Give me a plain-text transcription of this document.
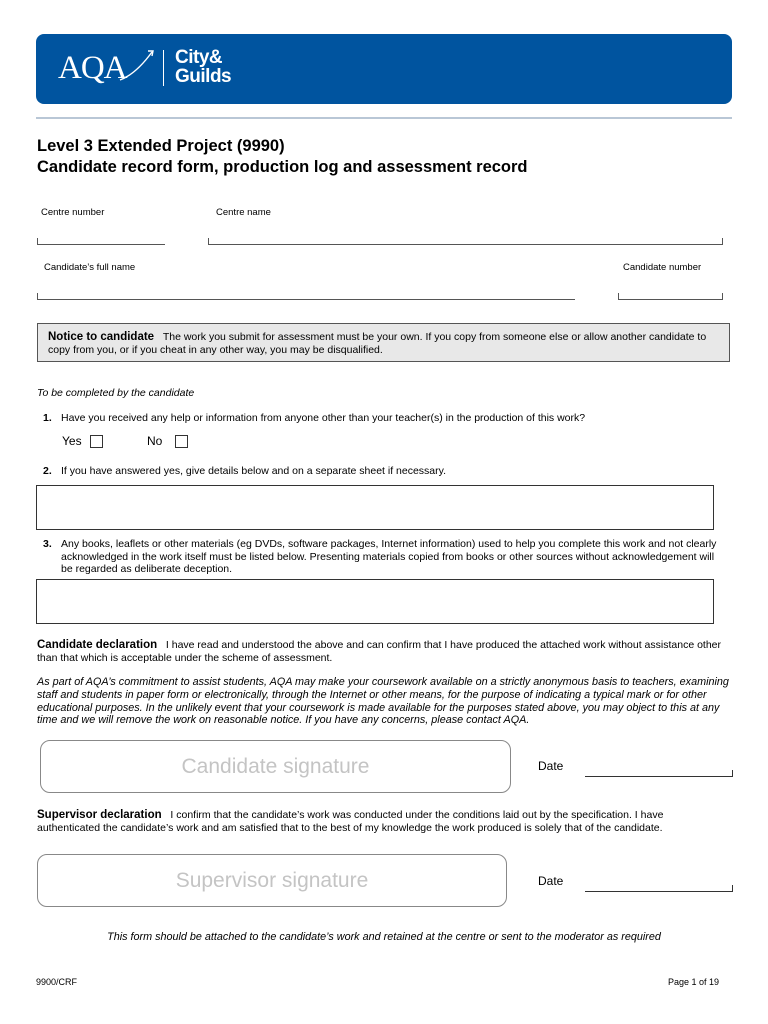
AQA	City&
Guilds
Level 3 Extended Project (9990)
Candidate record form, production log and assessment record
Centre number	Centre name
Candidate’s full name	Candidate number
Notice to candidate The work you submit for assessment must be your own. If you copy from someone else or allow another candidate to copy from you, or if you cheat in any other way, you may be disqualified.
To be completed by the candidate
1. Have you received any help or information from anyone other than your teacher(s) in the production of this work?
Yes	No
2. If you have answered yes, give details below and on a separate sheet if necessary.
3. Any books, leaflets or other materials (eg DVDs, software packages, Internet information) used to help you complete this work and not clearly acknowledged in the work itself must be listed below. Presenting materials copied from books or other sources without acknowledgement will be regarded as deliberate deception.
Candidate declaration I have read and understood the above and can confirm that I have produced the attached work without assistance other than that which is acceptable under the scheme of assessment.
As part of AQA’s commitment to assist students, AQA may make your coursework available on a strictly anonymous basis to teachers, examining staff and students in paper form or electronically, through the Internet or other means, for the purpose of indicating a typical mark or for other educational purposes. In the unlikely event that your coursework is made available for the purposes stated above, you may object to this at any time and we will remove the work on reasonable notice. If you have any concerns, please contact AQA.
Candidate signature	Date
Supervisor declaration I confirm that the candidate’s work was conducted under the conditions laid out by the specification. I have authenticated the candidate’s work and am satisfied that to the best of my knowledge the work produced is solely that of the candidate.
Supervisor signature	Date
This form should be attached to the candidate’s work and retained at the centre or sent to the moderator as required
9900/CRF	Page 1 of 19
